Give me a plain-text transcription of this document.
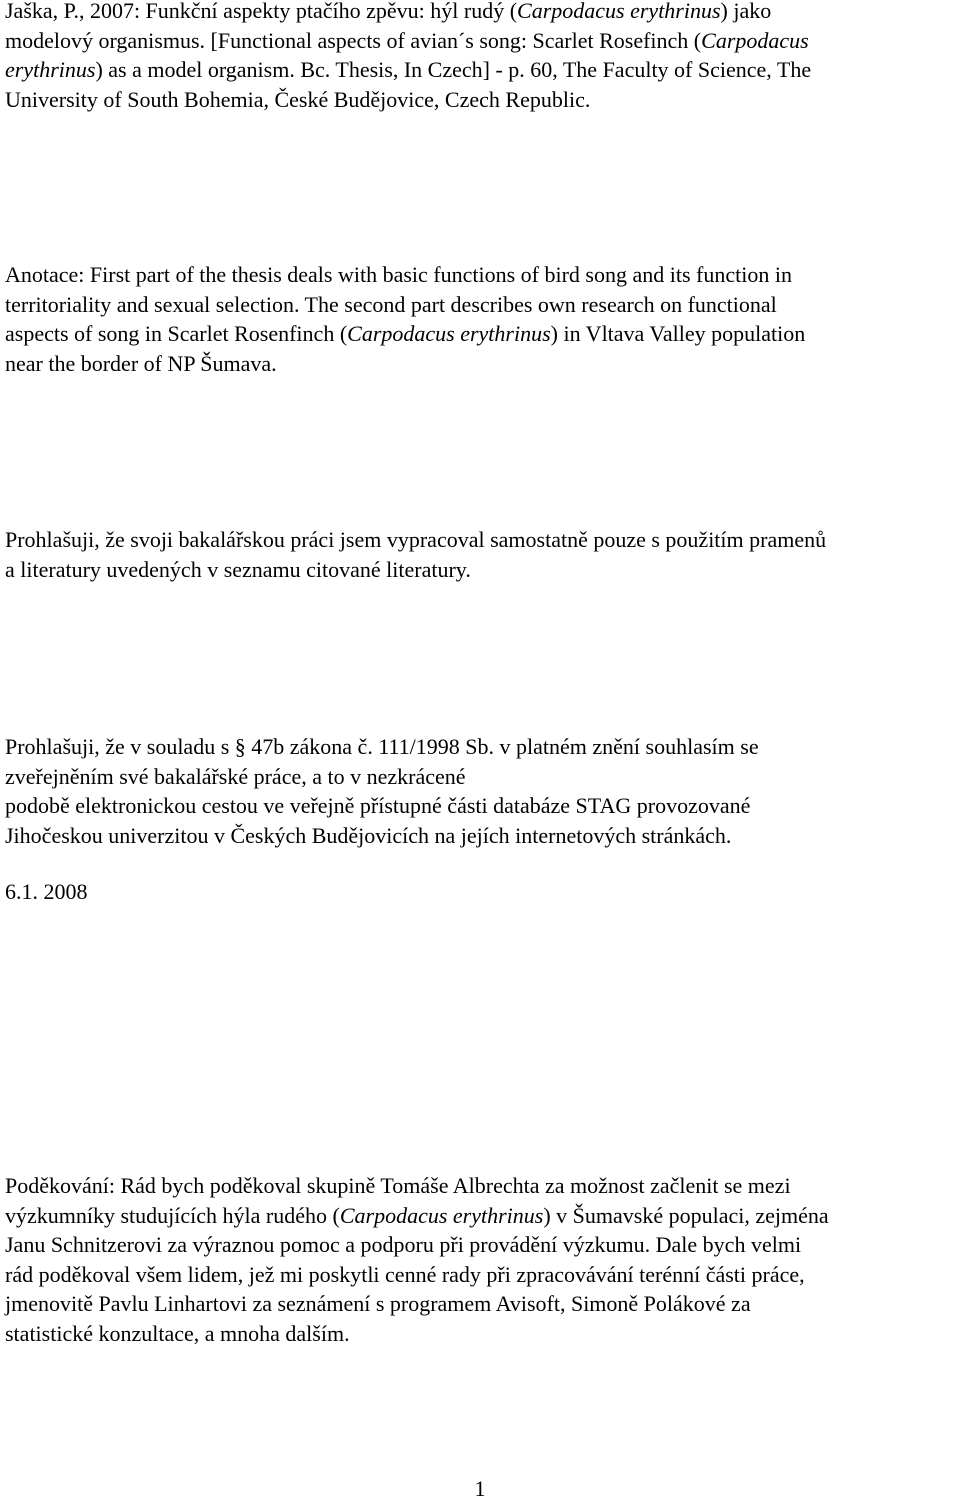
Jaška, P., 2007: Funkční aspekty ptačího zpěvu: hýl rudý (Carpodacus erythrinus) jako
modelový organismus. [Functional aspects of avian´s song: Scarlet Rosefinch (Carpodacus
erythrinus) as a model organism. Bc. Thesis, In Czech] - p. 60, The Faculty of Science, The
University of South Bohemia, České Budějovice, Czech Republic.
Anotace: First part of the thesis deals with basic functions of bird song and its function in
territoriality and sexual selection. The second part describes own research on functional
aspects of song in Scarlet Rosenfinch (Carpodacus erythrinus) in Vltava Valley population
near the border of NP Šumava.
Prohlašuji, že svoji bakalářskou práci jsem vypracoval samostatně pouze s použitím pramenů
a literatury uvedených v seznamu citované literatury.
Prohlašuji, že v souladu s § 47b zákona č. 111/1998 Sb. v platném znění souhlasím se
zveřejněním své bakalářské práce, a to v nezkrácené
podobě elektronickou cestou ve veřejně přístupné části databáze STAG provozované
Jihočeskou univerzitou v Českých Budějovicích na jejích internetových stránkách.
6.1. 2008
Poděkování: Rád bych poděkoval skupině Tomáše Albrechta za možnost začlenit se mezi
výzkumníky studujících hýla rudého (Carpodacus erythrinus) v Šumavské populaci, zejména
Janu Schnitzerovi za výraznou pomoc a podporu při provádění výzkumu. Dale bych velmi
rád poděkoval všem lidem, jež mi poskytli cenné rady při zpracovávání terénní části práce,
jmenovitě Pavlu Linhartovi za seznámení s programem Avisoft, Simoně Polákové za
statistické konzultace, a mnoha dalším.
1
